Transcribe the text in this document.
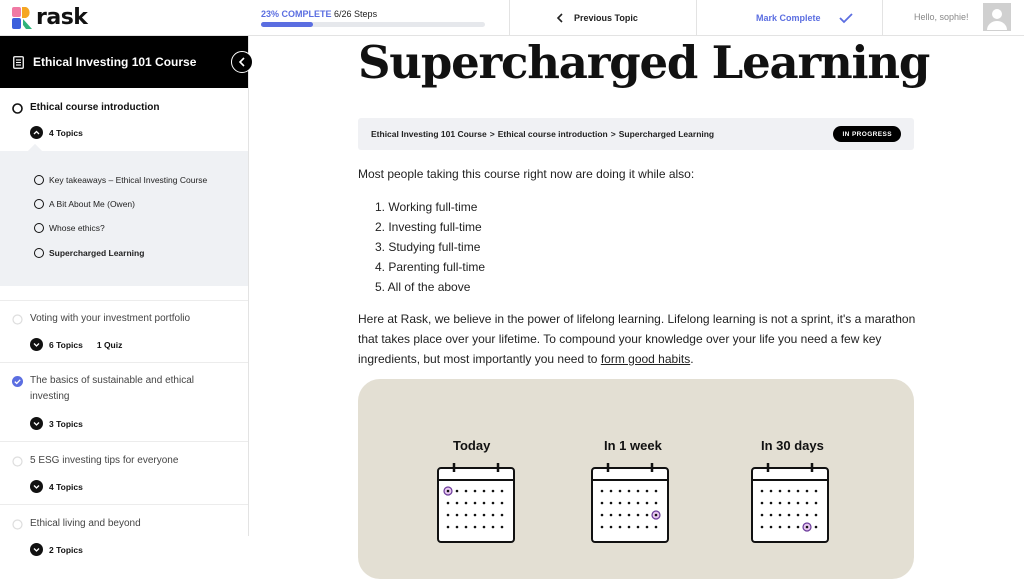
rask	23% COMPLETE 6/26 Steps	Previous Topic	Mark Complete	Hello, sophie!
Ethical Investing 101 Course
Ethical course introduction
4 Topics
Key takeaways – Ethical Investing Course
A Bit About Me (Owen)
Whose ethics?
Supercharged Learning
Voting with your investment portfolio
6 Topics 1 Quiz
The basics of sustainable and ethical investing
3 Topics
5 ESG investing tips for everyone
4 Topics
Ethical living and beyond
2 Topics
Supercharged Learning
Ethical Investing 101 Course > Ethical course introduction > Supercharged Learning	IN PROGRESS

Most people taking this course right now are doing it while also:

1. Working full-time
2. Investing full-time
3. Studying full-time
4. Parenting full-time
5. All of the above

Here at Rask, we believe in the power of lifelong learning. Lifelong learning is not a sprint, it's a marathon that takes place over your lifetime. To compound your knowledge over your life you need a few key ingredients, but most importantly you need to form good habits.

Today	In 1 week	In 30 days
